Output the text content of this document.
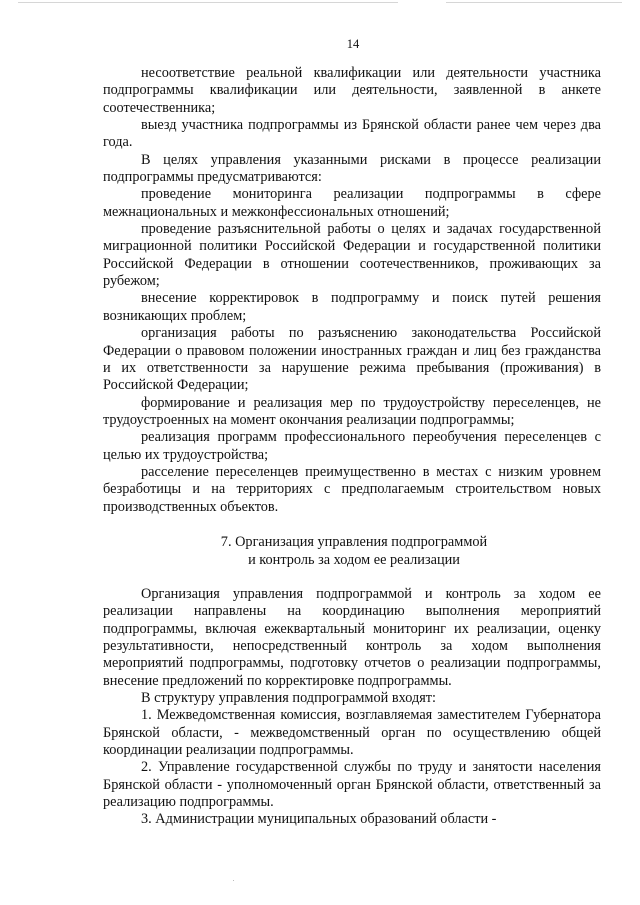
14

несоответствие реальной квалификации или деятельности участника подпрограммы квалификации или деятельности, заявленной в анкете соотечественника;

выезд участника подпрограммы из Брянской области ранее чем через два года.

В целях управления указанными рисками в процессе реализации подпрограммы предусматриваются:

проведение мониторинга реализации подпрограммы в сфере межнациональных и межконфессиональных отношений;

проведение разъяснительной работы о целях и задачах государственной миграционной политики Российской Федерации и государственной политики Российской Федерации в отношении соотечественников, проживающих за рубежом;

внесение корректировок в подпрограмму и поиск путей решения возникающих проблем;

организация работы по разъяснению законодательства Российской Федерации о правовом положении иностранных граждан и лиц без гражданства и их ответственности за нарушение режима пребывания (проживания) в Российской Федерации;

формирование и реализация мер по трудоустройству переселенцев, не трудоустроенных на момент окончания реализации подпрограммы;

реализация программ профессионального переобучения переселенцев с целью их трудоустройства;

расселение переселенцев преимущественно в местах с низким уровнем безработицы и на территориях с предполагаемым строительством новых производственных объектов.

7. Организация управления подпрограммой
и контроль за ходом ее реализации

Организация управления подпрограммой и контроль за ходом ее реализации направлены на координацию выполнения мероприятий подпрограммы, включая ежеквартальный мониторинг их реализации, оценку результативности, непосредственный контроль за ходом выполнения мероприятий подпрограммы, подготовку отчетов о реализации подпрограммы, внесение предложений по корректировке подпрограммы.

В структуру управления подпрограммой входят:

1. Межведомственная комиссия, возглавляемая заместителем Губернатора Брянской области, - межведомственный орган по осуществлению общей координации реализации подпрограммы.

2. Управление государственной службы по труду и занятости населения Брянской области - уполномоченный орган Брянской области, ответственный за реализацию подпрограммы.

3. Администрации муниципальных образований области -
